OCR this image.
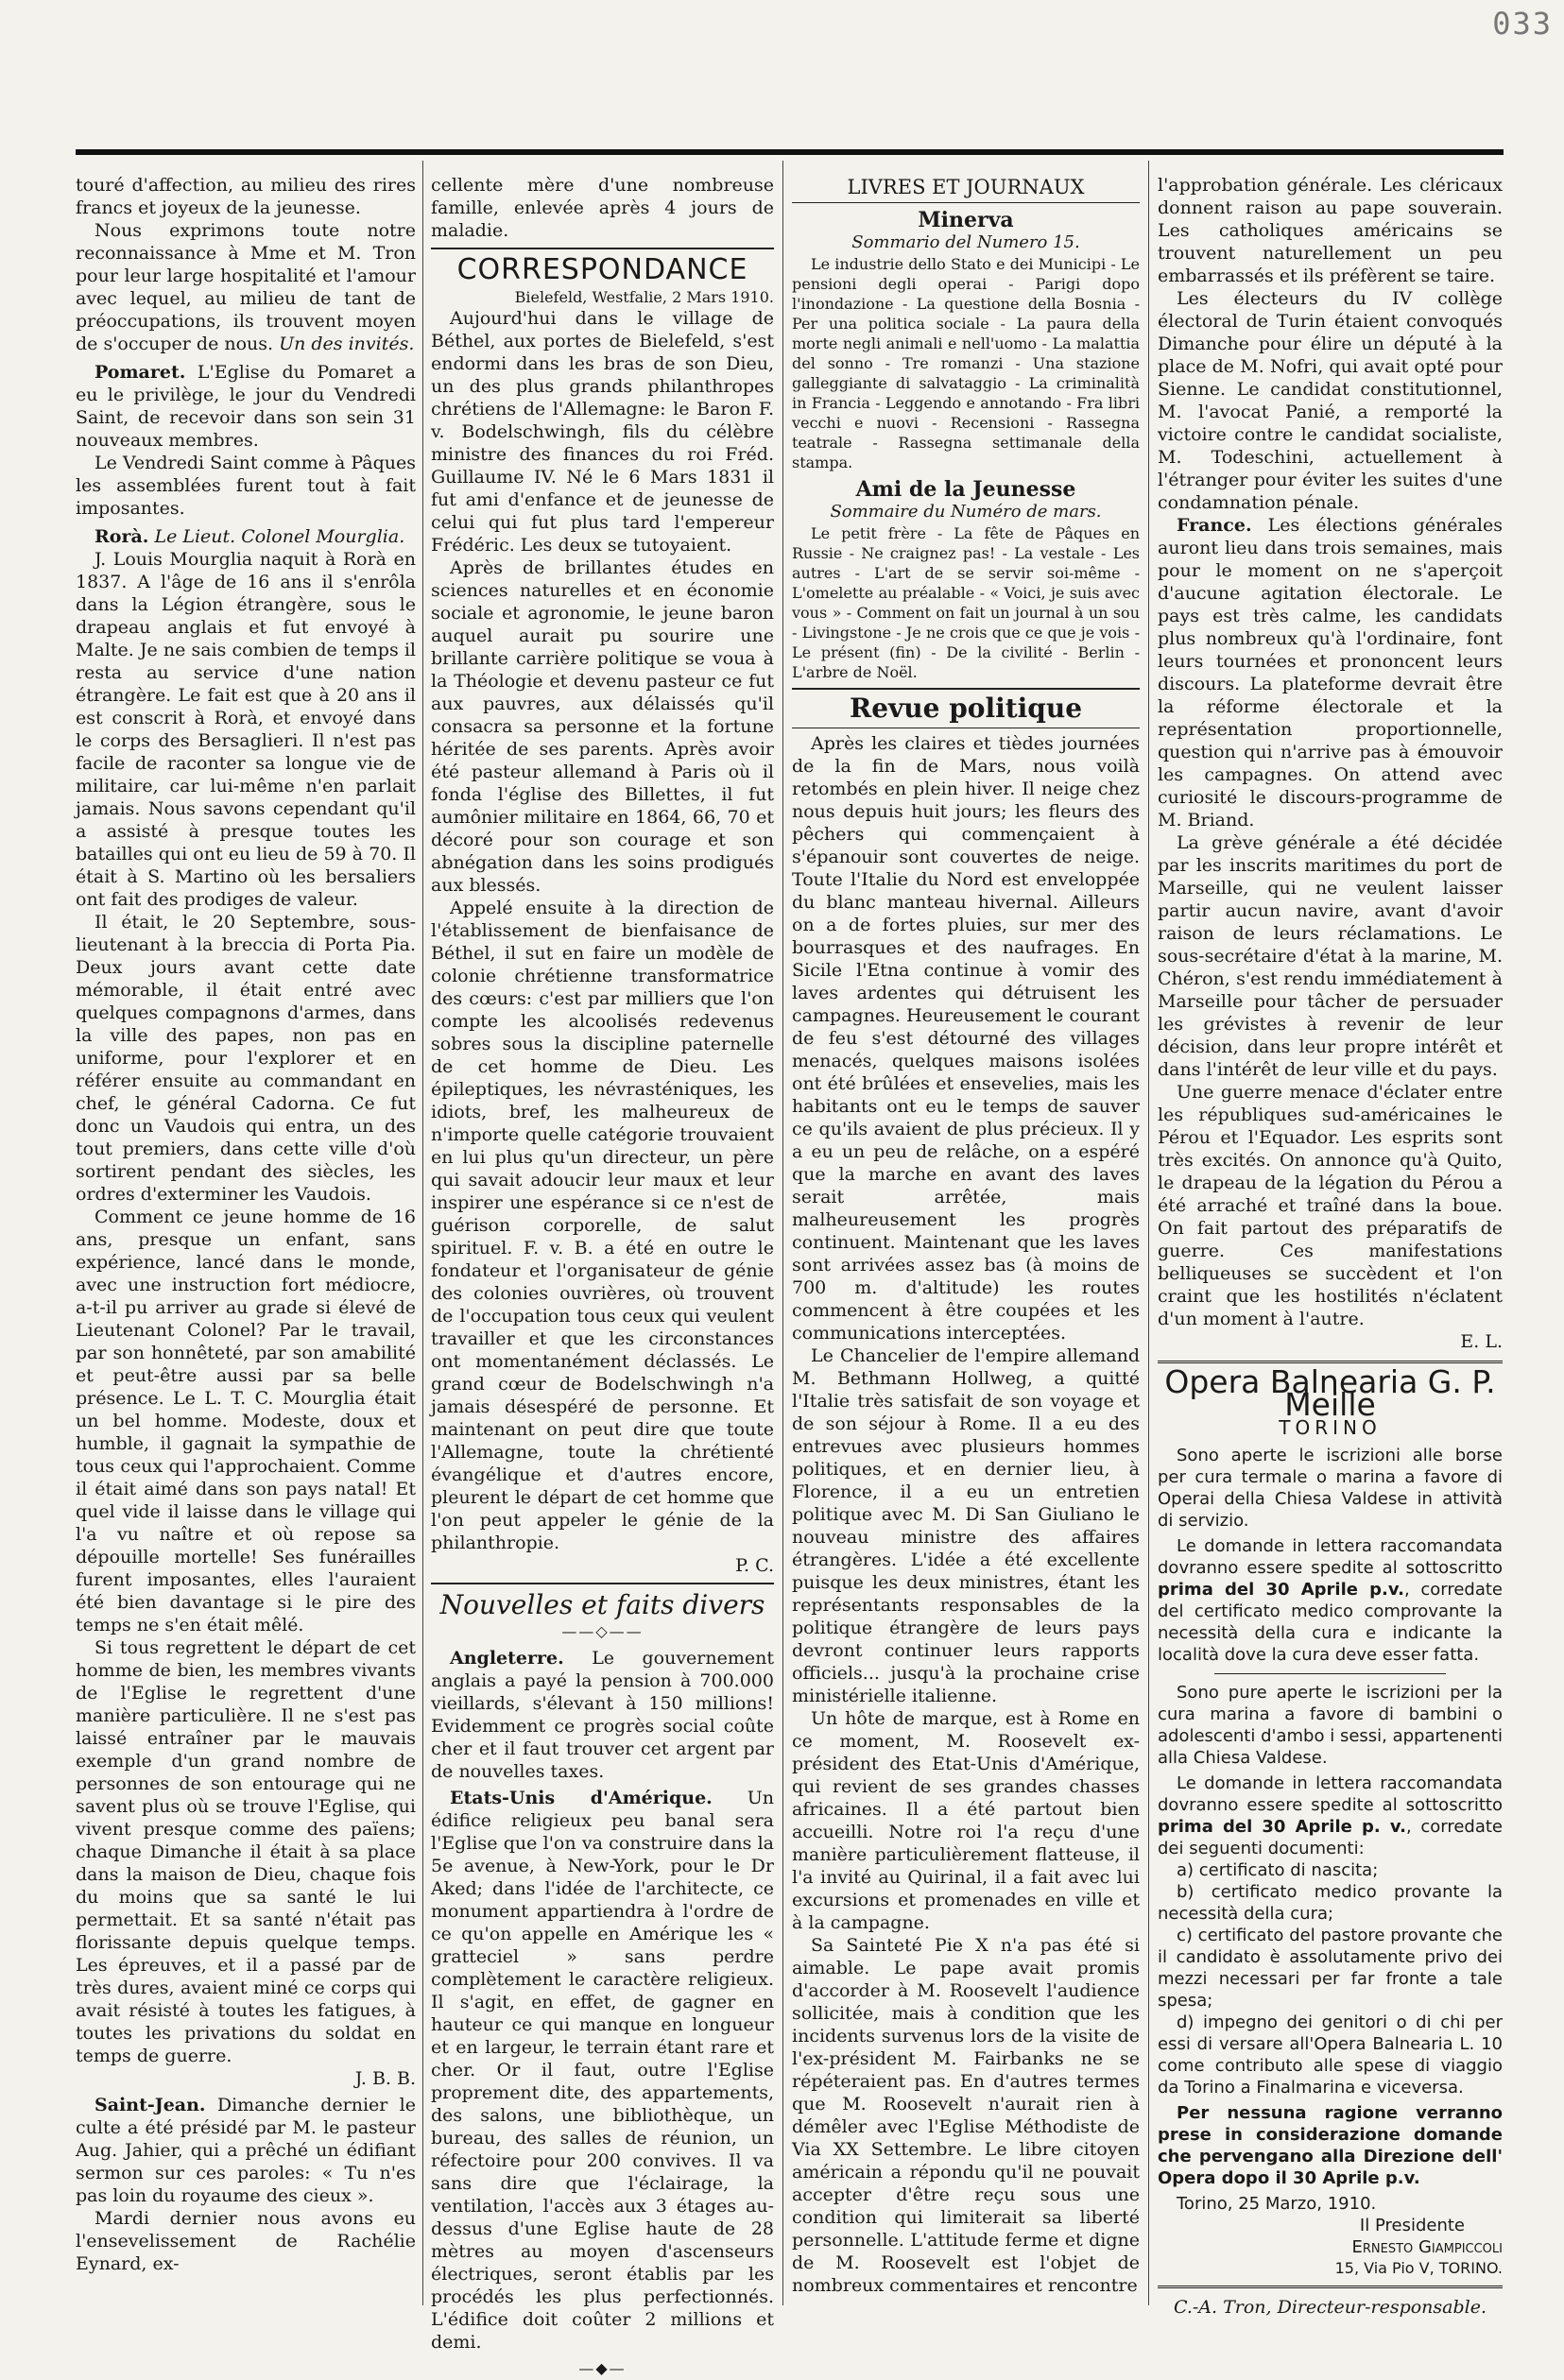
033

touré d'affection, au milieu des rires francs et joyeux de la jeunesse.

Nous exprimons toute notre reconnaissance à Mme et M. Tron pour leur large hospitalité et l'amour avec lequel, au milieu de tant de préoccupations, ils trouvent moyen de s'occuper de nous. Un des invités.

Pomaret. L'Eglise du Pomaret a eu le privilège, le jour du Vendredi Saint, de recevoir dans son sein 31 nouveaux membres.

Le Vendredi Saint comme à Pâques les assemblées furent tout à fait imposantes.

Rorà. Le Lieut. Colonel Mourglia.

J. Louis Mourglia naquit à Rorà en 1837. A l'âge de 16 ans il s'enrôla dans la Légion étrangère, sous le drapeau anglais et fut envoyé à Malte. Je ne sais combien de temps il resta au service d'une nation étrangère. Le fait est que à 20 ans il est conscrit à Rorà, et envoyé dans le corps des Bersaglieri. Il n'est pas facile de raconter sa longue vie de militaire, car lui-même n'en parlait jamais. Nous savons cependant qu'il a assisté à presque toutes les batailles qui ont eu lieu de 59 à 70. Il était à S. Martino où les bersaliers ont fait des prodiges de valeur.

Il était, le 20 Septembre, sous-lieutenant à la breccia di Porta Pia. Deux jours avant cette date mémorable, il était entré avec quelques compagnons d'armes, dans la ville des papes, non pas en uniforme, pour l'explorer et en référer ensuite au commandant en chef, le général Cadorna. Ce fut donc un Vaudois qui entra, un des tout premiers, dans cette ville d'où sortirent pendant des siècles, les ordres d'exterminer les Vaudois.

Comment ce jeune homme de 16 ans, presque un enfant, sans expérience, lancé dans le monde, avec une instruction fort médiocre, a-t-il pu arriver au grade si élevé de Lieutenant Colonel? Par le travail, par son honnêteté, par son amabilité et peut-être aussi par sa belle présence. Le L. T. C. Mourglia était un bel homme. Modeste, doux et humble, il gagnait la sympathie de tous ceux qui l'approchaient. Comme il était aimé dans son pays natal! Et quel vide il laisse dans le village qui l'a vu naître et où repose sa dépouille mortelle! Ses funérailles furent imposantes, elles l'auraient été bien davantage si le pire des temps ne s'en était mêlé.

Si tous regrettent le départ de cet homme de bien, les membres vivants de l'Eglise le regrettent d'une manière particulière. Il ne s'est pas laissé entraîner par le mauvais exemple d'un grand nombre de personnes de son entourage qui ne savent plus où se trouve l'Eglise, qui vivent presque comme des païens; chaque Dimanche il était à sa place dans la maison de Dieu, chaque fois du moins que sa santé le lui permettait. Et sa santé n'était pas florissante depuis quelque temps. Les épreuves, et il a passé par de très dures, avaient miné ce corps qui avait résisté à toutes les fatigues, à toutes les privations du soldat en temps de guerre.

J. B. B.

Saint-Jean. Dimanche dernier le culte a été présidé par M. le pasteur Aug. Jahier, qui a prêché un édifiant sermon sur ces paroles: « Tu n'es pas loin du royaume des cieux ».

Mardi dernier nous avons eu l'ensevelissement de Rachélie Eynard, ex-

cellente mère d'une nombreuse famille, enlevée après 4 jours de maladie.

CORRESPONDANCE

Bielefeld, Westfalie, 2 Mars 1910.

Aujourd'hui dans le village de Béthel, aux portes de Bielefeld, s'est endormi dans les bras de son Dieu, un des plus grands philanthropes chrétiens de l'Allemagne: le Baron F. v. Bodelschwingh, fils du célèbre ministre des finances du roi Fréd. Guillaume IV. Né le 6 Mars 1831 il fut ami d'enfance et de jeunesse de celui qui fut plus tard l'empereur Frédéric. Les deux se tutoyaient.

Après de brillantes études en sciences naturelles et en économie sociale et agronomie, le jeune baron auquel aurait pu sourire une brillante carrière politique se voua à la Théologie et devenu pasteur ce fut aux pauvres, aux délaissés qu'il consacra sa personne et la fortune héritée de ses parents. Après avoir été pasteur allemand à Paris où il fonda l'église des Billettes, il fut aumônier militaire en 1864, 66, 70 et décoré pour son courage et son abnégation dans les soins prodigués aux blessés.

Appelé ensuite à la direction de l'établissement de bienfaisance de Béthel, il sut en faire un modèle de colonie chrétienne transformatrice des cœurs: c'est par milliers que l'on compte les alcoolisés redevenus sobres sous la discipline paternelle de cet homme de Dieu. Les épileptiques, les névrasténiques, les idiots, bref, les malheureux de n'importe quelle catégorie trouvaient en lui plus qu'un directeur, un père qui savait adoucir leur maux et leur inspirer une espérance si ce n'est de guérison corporelle, de salut spirituel. F. v. B. a été en outre le fondateur et l'organisateur de génie des colonies ouvrières, où trouvent de l'occupation tous ceux qui veulent travailler et que les circonstances ont momentanément déclassés. Le grand cœur de Bodelschwingh n'a jamais désespéré de personne. Et maintenant on peut dire que toute l'Allemagne, toute la chrétienté évangélique et d'autres encore, pleurent le départ de cet homme que l'on peut appeler le génie de la philanthropie.

P. C.

Nouvelles et faits divers
——◇——

Angleterre. Le gouvernement anglais a payé la pension à 700.000 vieillards, s'élevant à 150 millions! Evidemment ce progrès social coûte cher et il faut trouver cet argent par de nouvelles taxes.

Etats-Unis d'Amérique. Un édifice religieux peu banal sera l'Eglise que l'on va construire dans la 5e avenue, à New-York, pour le Dr Aked; dans l'idée de l'architecte, ce monument appartiendra à l'ordre de ce qu'on appelle en Amérique les « gratteciel » sans perdre complètement le caractère religieux. Il s'agit, en effet, de gagner en hauteur ce qui manque en longueur et en largeur, le terrain étant rare et cher. Or il faut, outre l'Eglise proprement dite, des appartements, des salons, une bibliothèque, un bureau, des salles de réunion, un réfectoire pour 200 convives. Il va sans dire que l'éclairage, la ventilation, l'accès aux 3 étages au-dessus d'une Eglise haute de 28 mètres au moyen d'ascenseurs électriques, seront établis par les procédés les plus perfectionnés. L'édifice doit coûter 2 millions et demi.

—◆—
LIVRES ET JOURNAUX
Minerva
Sommario del Numero 15.

Le industrie dello Stato e dei Municipi - Le pensioni degli operai - Parigi dopo l'inondazione - La questione della Bosnia - Per una politica sociale - La paura della morte negli animali e nell'uomo - La malattia del sonno - Tre romanzi - Una stazione galleggiante di salvataggio - La criminalità in Francia - Leggendo e annotando - Fra libri vecchi e nuovi - Recensioni - Rassegna teatrale - Rassegna settimanale della stampa.

Ami de la Jeunesse
Sommaire du Numéro de mars.

Le petit frère - La fête de Pâques en Russie - Ne craignez pas! - La vestale - Les autres - L'art de se servir soi-même - L'omelette au préalable - « Voici, je suis avec vous » - Comment on fait un journal à un sou - Livingstone - Je ne crois que ce que je vois - Le présent (fin) - De la civilité - Berlin - L'arbre de Noël.

Revue politique

Après les claires et tièdes journées de la fin de Mars, nous voilà retombés en plein hiver. Il neige chez nous depuis huit jours; les fleurs des pêchers qui commençaient à s'épanouir sont couvertes de neige. Toute l'Italie du Nord est enveloppée du blanc manteau hivernal. Ailleurs on a de fortes pluies, sur mer des bourrasques et des naufrages. En Sicile l'Etna continue à vomir des laves ardentes qui détruisent les campagnes. Heureusement le courant de feu s'est détourné des villages menacés, quelques maisons isolées ont été brûlées et ensevelies, mais les habitants ont eu le temps de sauver ce qu'ils avaient de plus précieux. Il y a eu un peu de relâche, on a espéré que la marche en avant des laves serait arrêtée, mais malheureusement les progrès continuent. Maintenant que les laves sont arrivées assez bas (à moins de 700 m. d'altitude) les routes commencent à être coupées et les communications interceptées.

Le Chancelier de l'empire allemand M. Bethmann Hollweg, a quitté l'Italie très satisfait de son voyage et de son séjour à Rome. Il a eu des entrevues avec plusieurs hommes politiques, et en dernier lieu, à Florence, il a eu un entretien politique avec M. Di San Giuliano le nouveau ministre des affaires étrangères. L'idée a été excellente puisque les deux ministres, étant les représentants responsables de la politique étrangère de leurs pays devront continuer leurs rapports officiels... jusqu'à la prochaine crise ministérielle italienne.

Un hôte de marque, est à Rome en ce moment, M. Roosevelt ex-président des Etat-Unis d'Amérique, qui revient de ses grandes chasses africaines. Il a été partout bien accueilli. Notre roi l'a reçu d'une manière particulièrement flatteuse, il l'a invité au Quirinal, il a fait avec lui excursions et promenades en ville et à la campagne.

Sa Sainteté Pie X n'a pas été si aimable. Le pape avait promis d'accorder à M. Roosevelt l'audience sollicitée, mais à condition que les incidents survenus lors de la visite de l'ex-président M. Fairbanks ne se répéteraient pas. En d'autres termes que M. Roosevelt n'aurait rien à démêler avec l'Eglise Méthodiste de Via XX Settembre. Le libre citoyen américain a répondu qu'il ne pouvait accepter d'être reçu sous une condition qui limiterait sa liberté personnelle. L'attitude ferme et digne de M. Roosevelt est l'objet de nombreux commentaires et rencontre

l'approbation générale. Les cléricaux donnent raison au pape souverain. Les catholiques américains se trouvent naturellement un peu embarrassés et ils préfèrent se taire.

Les électeurs du IV collège électoral de Turin étaient convoqués Dimanche pour élire un député à la place de M. Nofri, qui avait opté pour Sienne. Le candidat constitutionnel, M. l'avocat Panié, a remporté la victoire contre le candidat socialiste, M. Todeschini, actuellement à l'étranger pour éviter les suites d'une condamnation pénale.

France. Les élections générales auront lieu dans trois semaines, mais pour le moment on ne s'aperçoit d'aucune agitation électorale. Le pays est très calme, les candidats plus nombreux qu'à l'ordinaire, font leurs tournées et prononcent leurs discours. La plateforme devrait être la réforme électorale et la représentation proportionnelle, question qui n'arrive pas à émouvoir les campagnes. On attend avec curiosité le discours-programme de M. Briand.

La grève générale a été décidée par les inscrits maritimes du port de Marseille, qui ne veulent laisser partir aucun navire, avant d'avoir raison de leurs réclamations. Le sous-secrétaire d'état à la marine, M. Chéron, s'est rendu immédiatement à Marseille pour tâcher de persuader les grévistes à revenir de leur décision, dans leur propre intérêt et dans l'intérêt de leur ville et du pays.

Une guerre menace d'éclater entre les républiques sud-américaines le Pérou et l'Equador. Les esprits sont très excités. On annonce qu'à Quito, le drapeau de la légation du Pérou a été arraché et traîné dans la boue. On fait partout des préparatifs de guerre. Ces manifestations belliqueuses se succèdent et l'on craint que les hostilités n'éclatent d'un moment à l'autre.

E. L.

Opera Balnearia G. P. Meille
TORINO

Sono aperte le iscrizioni alle borse per cura termale o marina a favore di Operai della Chiesa Valdese in attività di servizio.

Le domande in lettera raccomandata dovranno essere spedite al sottoscritto prima del 30 Aprile p.v., corredate del certificato medico comprovante la necessità della cura e indicante la località dove la cura deve esser fatta.

Sono pure aperte le iscrizioni per la cura marina a favore di bambini o adolescenti d'ambo i sessi, appartenenti alla Chiesa Valdese.

Le domande in lettera raccomandata dovranno essere spedite al sottoscritto prima del 30 Aprile p. v., corredate dei seguenti documenti:

a) certificato di nascita;

b) certificato medico provante la necessità della cura;

c) certificato del pastore provante che il candidato è assolutamente privo dei mezzi necessari per far fronte a tale spesa;

d) impegno dei genitori o di chi per essi di versare all'Opera Balnearia L. 10 come contributo alle spese di viaggio da Torino a Finalmarina e viceversa.

Per nessuna ragione verranno prese in considerazione domande che pervengano alla Direzione dell' Opera dopo il 30 Aprile p.v.

Torino, 25 Marzo, 1910.

Il Presidente

Ernesto Giampiccoli

15, Via Pio V, TORINO.

C.-A. Tron, Directeur-responsable.
